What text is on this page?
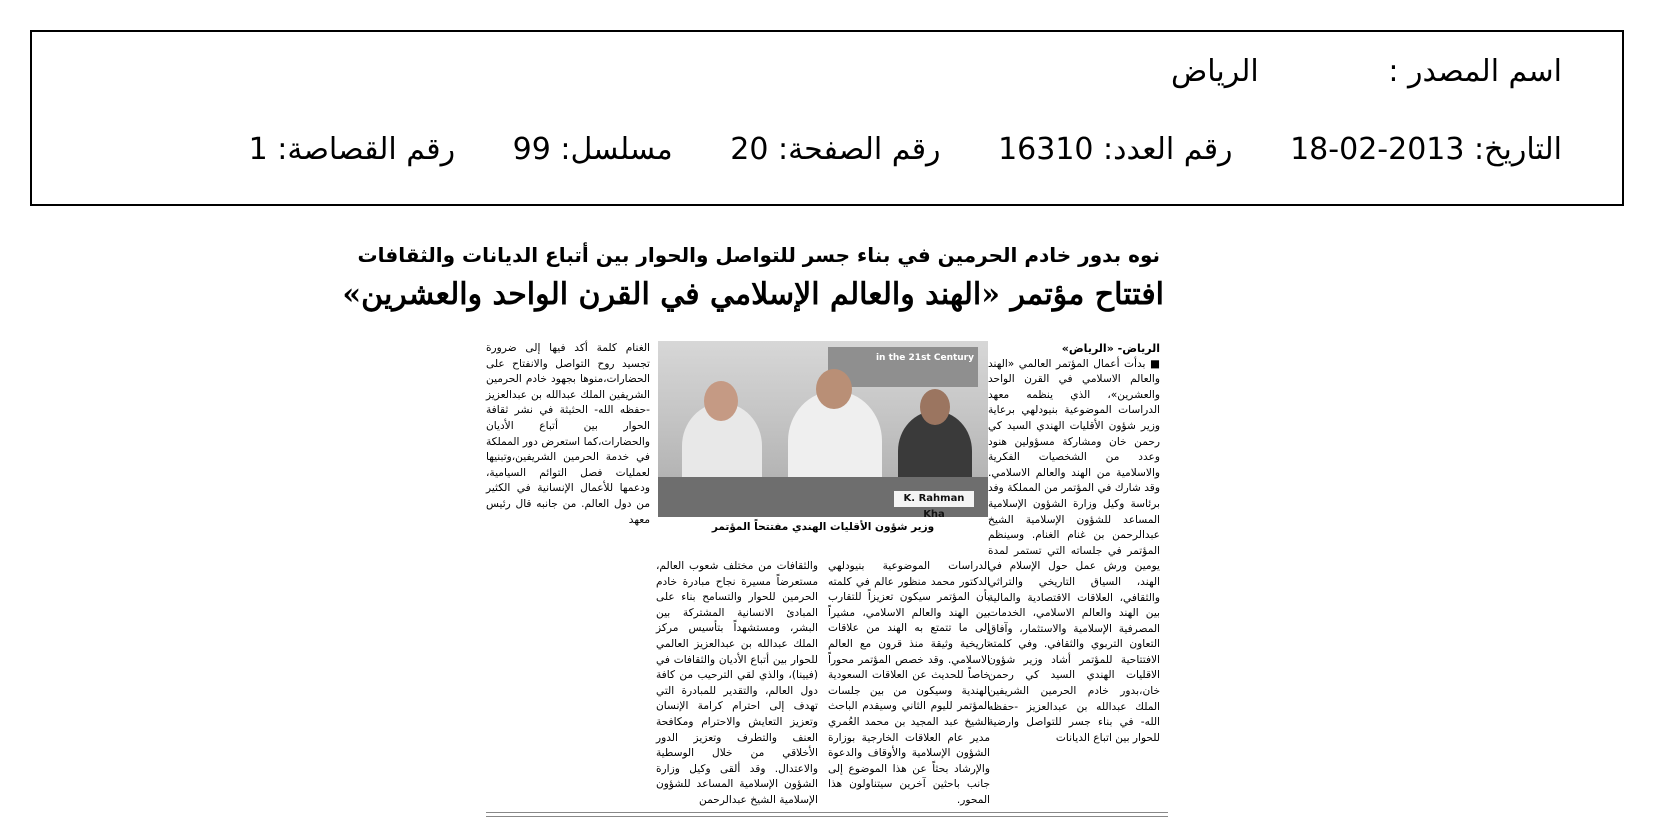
اسم المصدر : الرياض
التاريخ: 2013-02-18 رقم العدد: 16310 رقم الصفحة: 20 مسلسل: 99 رقم القصاصة: 1
نوه بدور خادم الحرمين في بناء جسر للتواصل والحوار بين أتباع الديانات والثقافات
افتتاح مؤتمر «الهند والعالم الإسلامي في القرن الواحد والعشرين»

الرياض- «الرياض»

■ بدأت أعمال المؤتمر العالمي «الهند والعالم الاسلامي في القرن الواحد والعشرين»، الذي ينظمه معهد الدراسات الموضوعية بنيودلهي برعاية وزير شؤون الأقليات الهندي السيد كي رحمن خان ومشاركة مسؤولين هنود وعدد من الشخصيات الفكرية والاسلامية من الهند والعالم الاسلامي. وقد شارك في المؤتمر من المملكة وفد برئاسة وكيل وزارة الشؤون الإسلامية المساعد للشؤون الإسلامية الشيخ عبدالرحمن بن غنام الغنام. وسينظم المؤتمر في جلساته التي تستمر لمدة يومين ورش عمل حول الإسلام في الهند، السياق التاريخي والتراثي والثقافي، العلاقات الاقتصادية والمالية بين الهند والعالم الاسلامي، الخدمات المصرفية الإسلامية والاستثمار، وآفاق التعاون التربوي والثقافي. وفي كلمته الافتتاحية للمؤتمر أشاد وزير شؤون الاقليات الهندي السيد كي رحمن خان،بدور خادم الحرمين الشريفين الملك عبدالله بن عبدالعزيز -حفظه الله- في بناء جسر للتواصل وارضية للحوار بين اتباع الديانات

in the 21st Century
K. Rahman Kha
وزير شؤون الأقليات الهندي مفتتحاً المؤتمر
والثقافات من مختلف شعوب العالم، مستعرضاً مسيرة نجاح مبادرة خادم الحرمين للحوار والتسامح بناء على المبادئ الانسانية المشتركة بين البشر، ومستشهداً بتأسيس مركز الملك عبدالله بن عبدالعزيز العالمي للحوار بين أتباع الأديان والثقافات في (فيينا)، والذي لقي الترحيب من كافة دول العالم، والتقدير للمبادرة التي تهدف إلى احترام كرامة الإنسان وتعزيز التعايش والاحترام ومكافحة العنف والتطرف وتعزيز الدور الأخلاقي من خلال الوسطية والاعتدال. وقد ألقى وكيل وزارة الشؤون الإسلامية المساعد للشؤون الإسلامية الشيخ عبدالرحمن
الدراسات الموضوعية بنيودلهي الدكتور محمد منظور عالم في كلمته بأن المؤتمر سيكون تعزيزاً للتقارب بين الهند والعالم الاسلامي، مشيراً إلى ما تتمتع به الهند من علاقات تاريخية وثيقة منذ قرون مع العالم الاسلامي. وقد خصص المؤتمر محوراً خاصاً للحديث عن العلاقات السعودية الهندية وسيكون من بين جلسات المؤتمر لليوم الثاني وسيقدم الباحث الشيخ عبد المجيد بن محمد العُمري مدير عام العلاقات الخارجية بوزارة الشؤون الإسلامية والأوقاف والدعوة والإرشاد بحثاً عن هذا الموضوع إلى جانب باحثين آخرين سيتناولون هذا المحور.

الغنام كلمة أكد فيها إلى ضرورة تجسيد روح التواصل والانفتاح على الحضارات،منوها بجهود خادم الحرمين الشريفين الملك عبدالله بن عبدالعزيز -حفظه الله- الحثيثة في نشر ثقافة الحوار بين أتباع الأديان والحضارات،كما استعرض دور المملكة في خدمة الحرمين الشريفين،وتبنيها لعمليات فصل التوائم السيامية، ودعمها للأعمال الإنسانية في الكثير من دول العالم. من جانبه قال رئيس معهد
